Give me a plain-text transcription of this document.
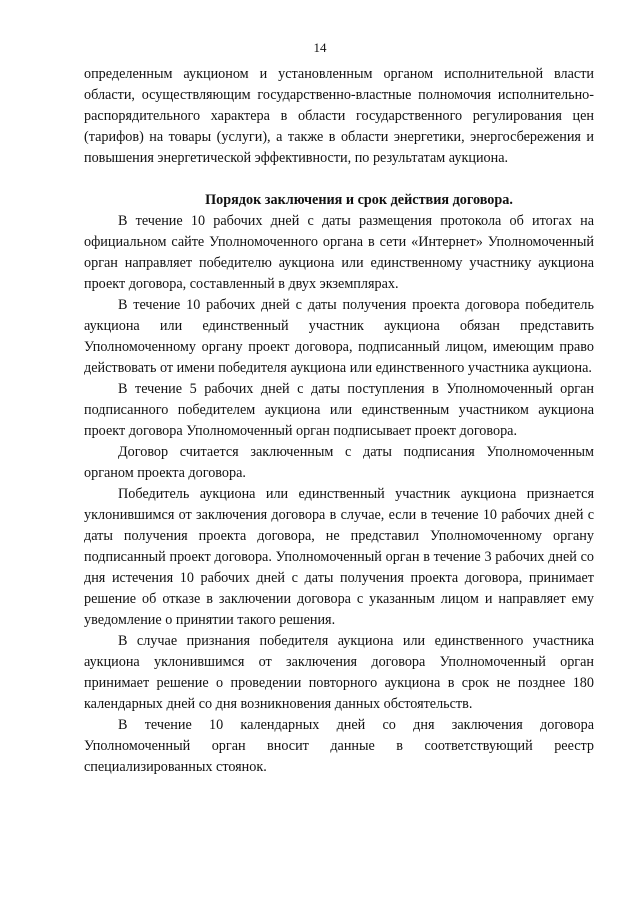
14

определенным аукционом и установленным органом исполнительной власти области, осуществляющим государственно-властные полномочия исполнительно-распорядительного характера в области государственного регулирования цен (тарифов) на товары (услуги), а также в области энергетики, энергосбережения и повышения энергетической эффективности, по результатам аукциона.

Порядок заключения и срок действия договора.

В течение 10 рабочих дней с даты размещения протокола об итогах на официальном сайте Уполномоченного органа в сети «Интернет» Уполномоченный орган направляет победителю аукциона или единственному участнику аукциона проект договора, составленный в двух экземплярах.

В течение 10 рабочих дней с даты получения проекта договора победитель аукциона или единственный участник аукциона обязан представить Уполномоченному органу проект договора, подписанный лицом, имеющим право действовать от имени победителя аукциона или единственного участника аукциона.

В течение 5 рабочих дней с даты поступления в Уполномоченный орган подписанного победителем аукциона или единственным участником аукциона проект договора Уполномоченный орган подписывает проект договора.

Договор считается заключенным с даты подписания Уполномоченным органом проекта договора.

Победитель аукциона или единственный участник аукциона признается уклонившимся от заключения договора в случае, если в течение 10 рабочих дней с даты получения проекта договора, не представил Уполномоченному органу подписанный проект договора. Уполномоченный орган в течение 3 рабочих дней со дня истечения 10 рабочих дней с даты получения проекта договора, принимает решение об отказе в заключении договора с указанным лицом и направляет ему уведомление о принятии такого решения.

В случае признания победителя аукциона или единственного участника аукциона уклонившимся от заключения договора Уполномоченный орган принимает решение о проведении повторного аукциона в срок не позднее 180 календарных дней со дня возникновения данных обстоятельств.

В течение 10 календарных дней со дня заключения договора Уполномоченный орган вносит данные в соответствующий реестр специализированных стоянок.
